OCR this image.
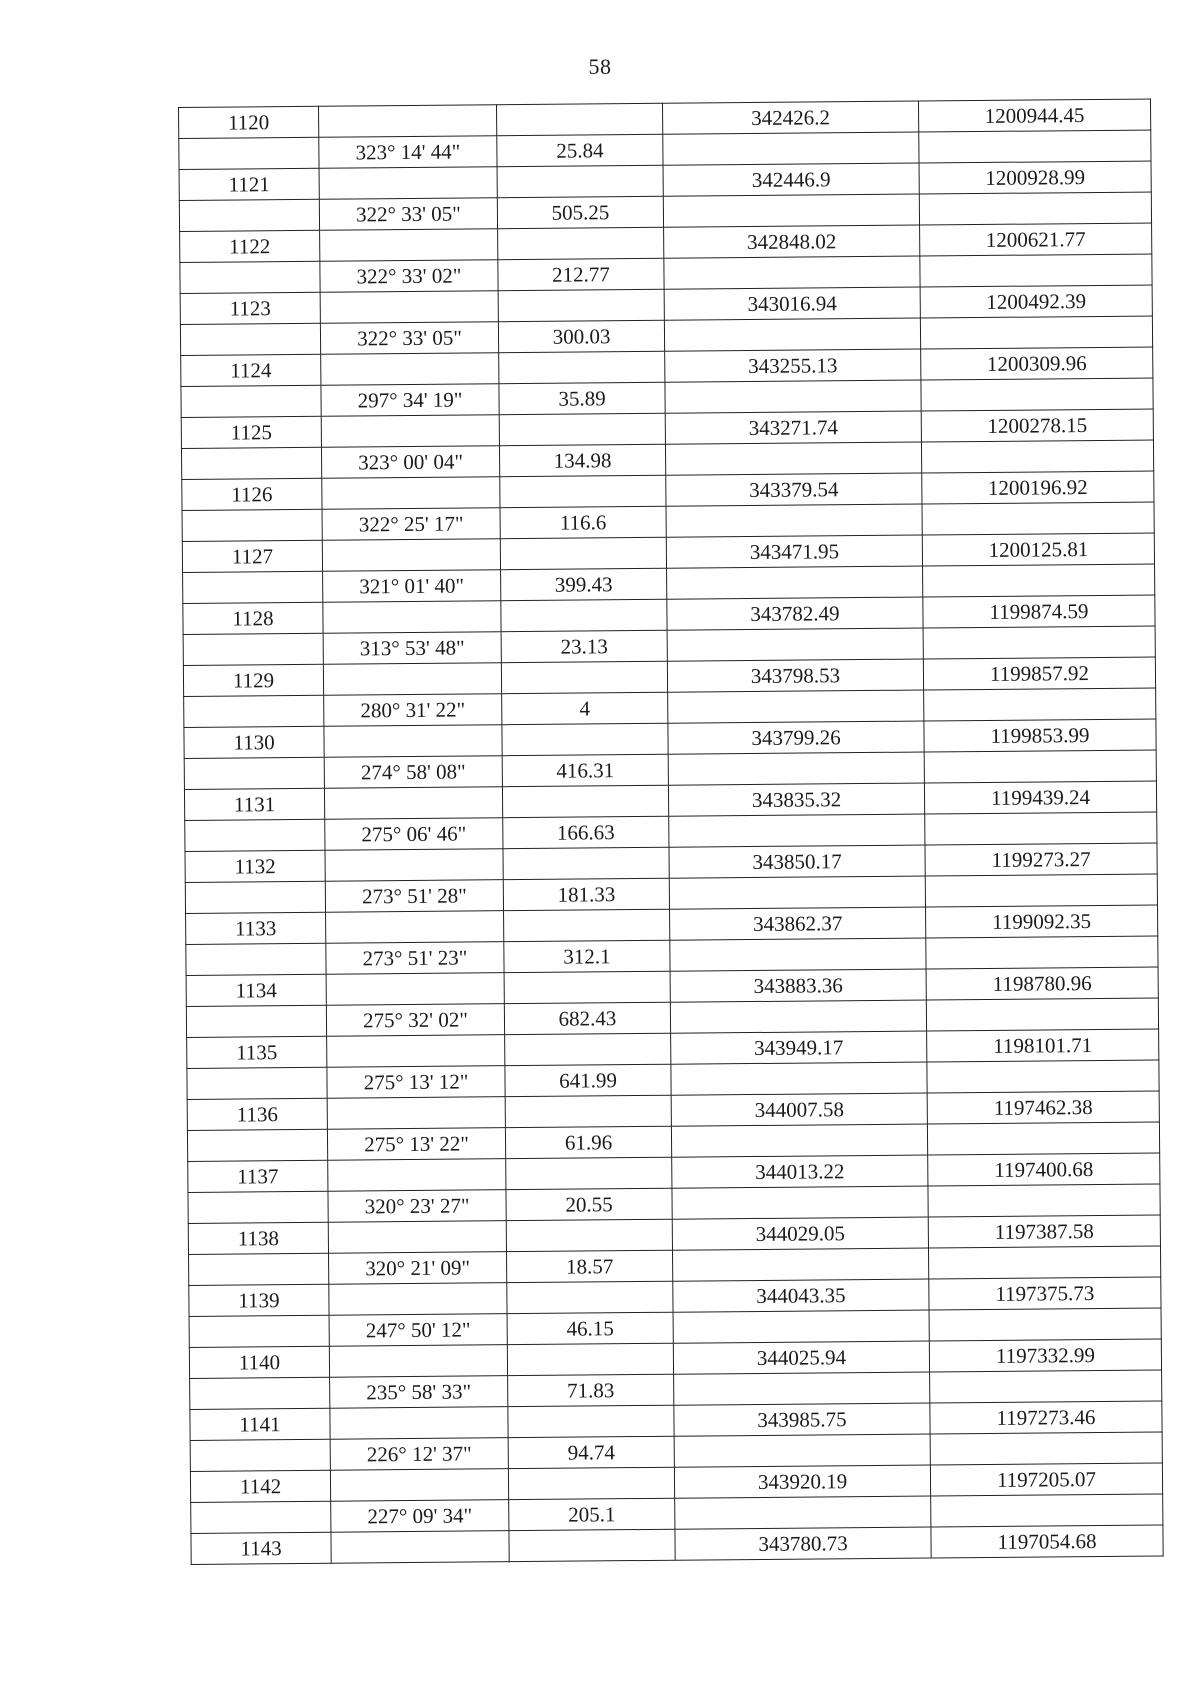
58
1120			342426.2	1200944.45
	323° 14' 44"	25.84		
1121			342446.9	1200928.99
	322° 33' 05"	505.25		
1122			342848.02	1200621.77
	322° 33' 02"	212.77		
1123			343016.94	1200492.39
	322° 33' 05"	300.03		
1124			343255.13	1200309.96
	297° 34' 19"	35.89		
1125			343271.74	1200278.15
	323° 00' 04"	134.98		
1126			343379.54	1200196.92
	322° 25' 17"	116.6		
1127			343471.95	1200125.81
	321° 01' 40"	399.43		
1128			343782.49	1199874.59
	313° 53' 48"	23.13		
1129			343798.53	1199857.92
	280° 31' 22"	4		
1130			343799.26	1199853.99
	274° 58' 08"	416.31		
1131			343835.32	1199439.24
	275° 06' 46"	166.63		
1132			343850.17	1199273.27
	273° 51' 28"	181.33		
1133			343862.37	1199092.35
	273° 51' 23"	312.1		
1134			343883.36	1198780.96
	275° 32' 02"	682.43		
1135			343949.17	1198101.71
	275° 13' 12"	641.99		
1136			344007.58	1197462.38
	275° 13' 22"	61.96		
1137			344013.22	1197400.68
	320° 23' 27"	20.55		
1138			344029.05	1197387.58
	320° 21' 09"	18.57		
1139			344043.35	1197375.73
	247° 50' 12"	46.15		
1140			344025.94	1197332.99
	235° 58' 33"	71.83		
1141			343985.75	1197273.46
	226° 12' 37"	94.74		
1142			343920.19	1197205.07
	227° 09' 34"	205.1		
1143			343780.73	1197054.68
